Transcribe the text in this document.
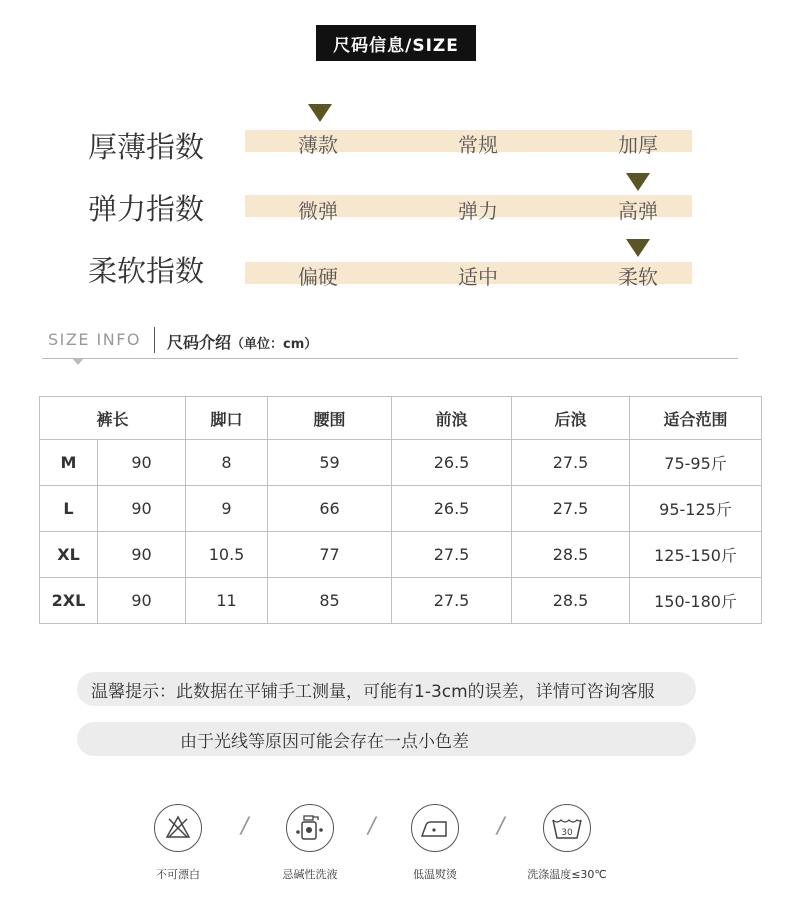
尺码信息/SIZE
厚薄指数	薄款	常规	加厚
弹力指数	微弹	弹力	高弹
柔软指数	偏硬	适中	柔软
SIZE INFO 尺码介绍（单位：cm）
裤长		脚口	腰围	前浪	后浪	适合范围
M	90	8	59	26.5	27.5	75-95斤
L	90	9	66	26.5	27.5	95-125斤
XL	90	10.5	77	27.5	28.5	125-150斤
2XL	90	11	85	27.5	28.5	150-180斤
温馨提示：此数据在平铺手工测量，可能有1-3cm的误差，详情可咨询客服
由于光线等原因可能会存在一点小色差
不可漂白
/
忌碱性洗液
/
低温熨烫
/	30
洗涤温度≤30℃
